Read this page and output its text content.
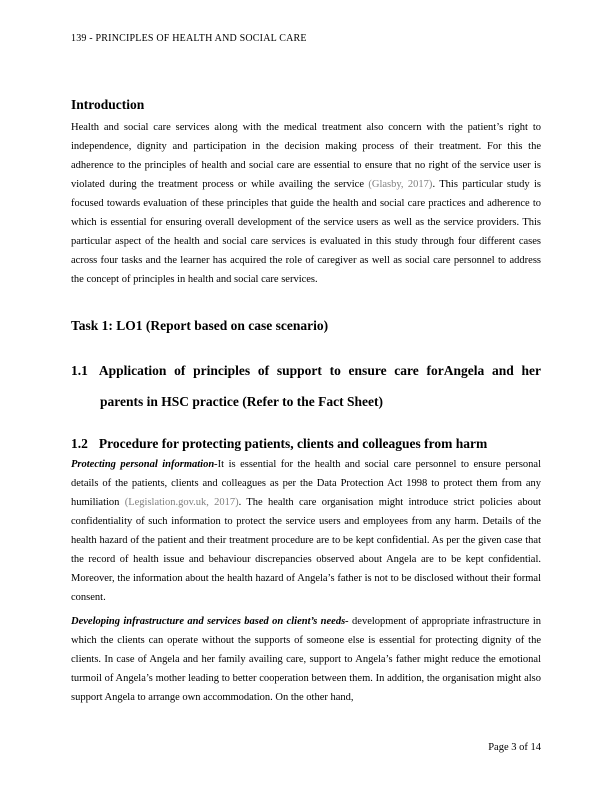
139 - PRINCIPLES OF HEALTH AND SOCIAL CARE
Introduction

Health and social care services along with the medical treatment also concern with the patient’s right to independence, dignity and participation in the decision making process of their treatment. For this the adherence to the principles of health and social care are essential to ensure that no right of the service user is violated during the treatment process or while availing the service (Glasby, 2017). This particular study is focused towards evaluation of these principles that guide the health and social care practices and adherence to which is essential for ensuring overall development of the service users as well as the service providers. This particular aspect of the health and social care services is evaluated in this study through four different cases across four tasks and the learner has acquired the role of caregiver as well as social care personnel to address the concept of principles in health and social care services.

Task 1: LO1 (Report based on case scenario)
1.1 Application of principles of support to ensure care forAngela and her parents in HSC practice (Refer to the Fact Sheet)
1.2 Procedure for protecting patients, clients and colleagues from harm

Protecting personal information-It is essential for the health and social care personnel to ensure personal details of the patients, clients and colleagues as per the Data Protection Act 1998 to protect them from any humiliation (Legislation.gov.uk, 2017). The health care organisation might introduce strict policies about confidentiality of such information to protect the service users and employees from any harm. Details of the health hazard of the patient and their treatment procedure are to be kept confidential. As per the given case that the record of health issue and behaviour discrepancies observed about Angela are to be kept confidential. Moreover, the information about the health hazard of Angela’s father is not to be disclosed without their formal consent.

Developing infrastructure and services based on client’s needs- development of appropriate infrastructure in which the clients can operate without the supports of someone else is essential for protecting dignity of the clients. In case of Angela and her family availing care, support to Angela’s father might reduce the emotional turmoil of Angela’s mother leading to better cooperation between them. In addition, the organisation might also support Angela to arrange own accommodation. On the other hand,

Page 3 of 14
